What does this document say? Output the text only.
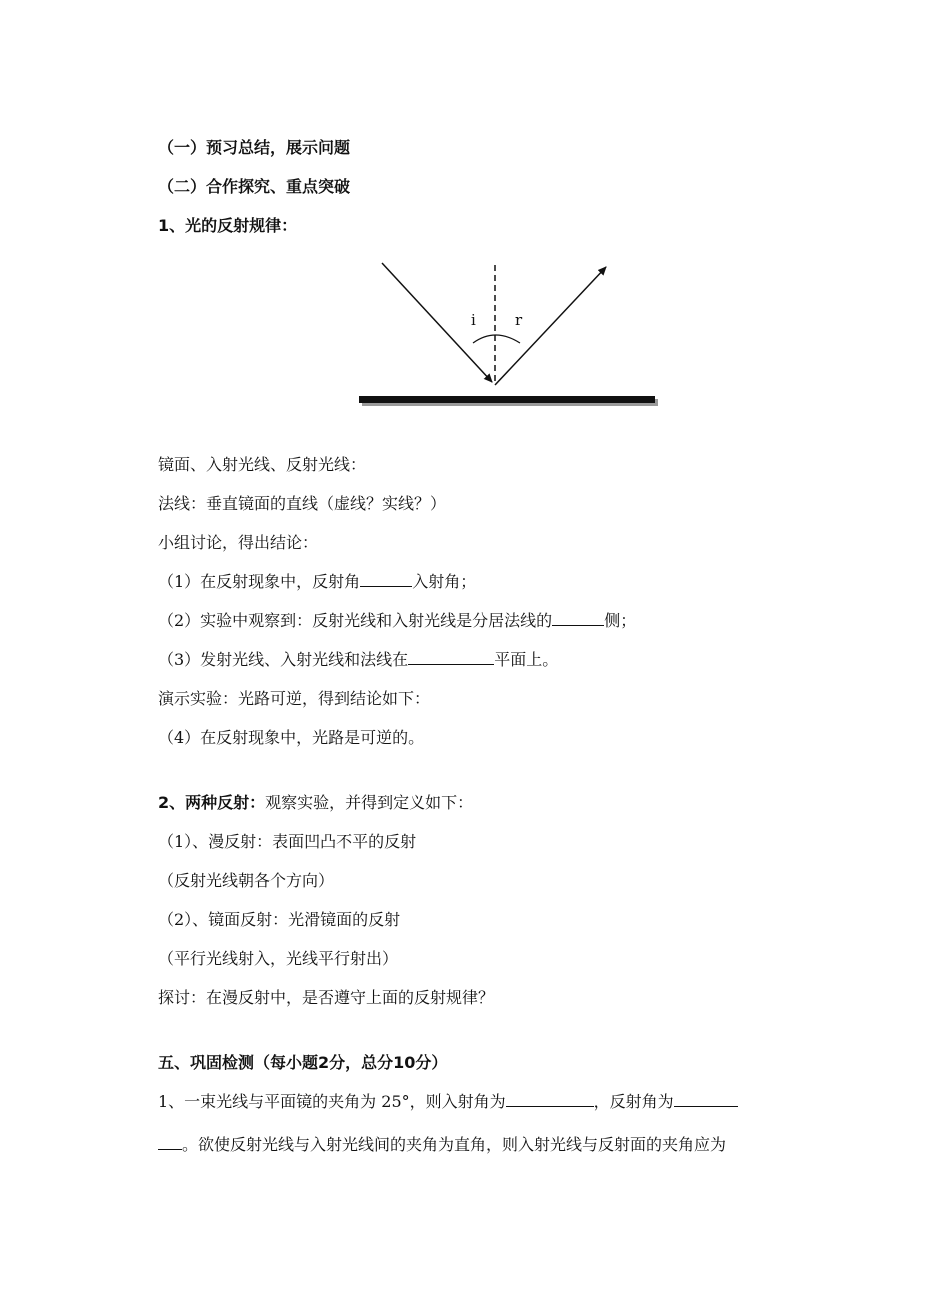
（一）预习总结，展示问题
（二）合作探究、重点突破
1、光的反射规律：
i	r
镜面、入射光线、反射光线：
法线：垂直镜面的直线（虚线？实线？）
小组讨论，得出结论：
（1）在反射现象中，反射角	入射角；
（2）实验中观察到：反射光线和入射光线是分居法线的	侧；
（3）发射光线、入射光线和法线在	平面上。
演示实验：光路可逆，得到结论如下：
（4）在反射现象中，光路是可逆的。
2、两种反射：观察实验，并得到定义如下：
（1）、漫反射：表面凹凸不平的反射
（反射光线朝各个方向）
（2）、镜面反射：光滑镜面的反射
（平行光线射入，光线平行射出）
探讨：在漫反射中，是否遵守上面的反射规律？
五、巩固检测（每小题2分，总分10分）
1、一束光线与平面镜的夹角为 25°，则入射角为	，反射角为
。欲使反射光线与入射光线间的夹角为直角，则入射光线与反射面的夹角应为
